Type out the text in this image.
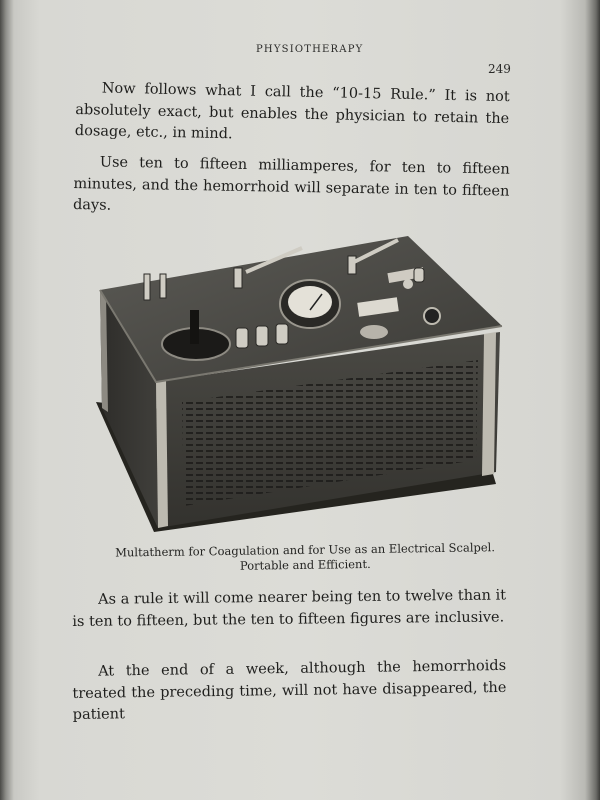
PHYSIOTHERAPY
249

Now follows what I call the “10-15 Rule.” It is not absolutely exact, but enables the physician to retain the dosage, etc., in mind.

Use ten to fifteen milliamperes, for ten to fifteen minutes, and the hemorrhoid will separate in ten to fifteen days.

Multatherm for Coagulation and for Use as an Electrical Scalpel.
Portable and Efficient.

As a rule it will come nearer being ten to twelve than it is ten to fifteen, but the ten to fifteen figures are inclusive.

At the end of a week, although the hemorrhoids treated the preceding time, will not have disappeared, the patient
